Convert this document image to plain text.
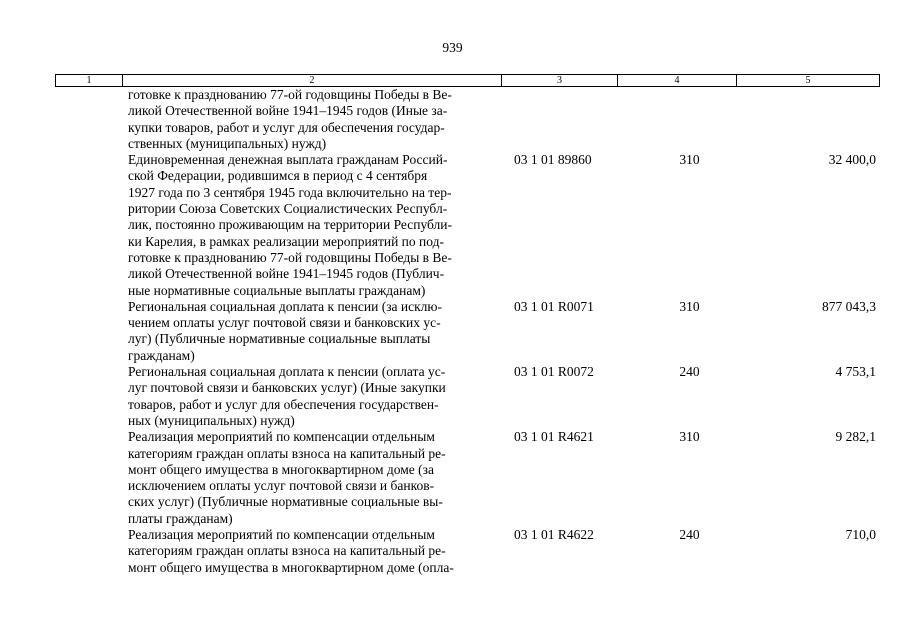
939
1	2	3	4	5
готовке к празднованию 77-ой годовщины Победы в Ве-
ликой Отечественной войне 1941–1945 годов (Иные за-
купки товаров, работ и услуг для обеспечения государ-
ственных (муниципальных) нужд)
Единовременная денежная выплата гражданам Россий-
ской Федерации, родившимся в период с 4 сентября
1927 года по 3 сентября 1945 года включительно на тер-
ритории Союза Советских Социалистических Республ-
лик, постоянно проживающим на территории Республи-
ки Карелия, в рамках реализации мероприятий по под-
готовке к празднованию 77-ой годовщины Победы в Ве-
ликой Отечественной войне 1941–1945 годов (Публич-
ные нормативные социальные выплаты гражданам)
03 1 01 89860	310	32 400,0
Региональная социальная доплата к пенсии (за исклю-
чением оплаты услуг почтовой связи и банковских ус-
луг) (Публичные нормативные социальные выплаты
гражданам)
03 1 01 R0071	310	877 043,3
Региональная социальная доплата к пенсии (оплата ус-
луг почтовой связи и банковских услуг) (Иные закупки
товаров, работ и услуг для обеспечения государствен-
ных (муниципальных) нужд)
03 1 01 R0072	240	4 753,1
Реализация мероприятий по компенсации отдельным
категориям граждан оплаты взноса на капитальный ре-
монт общего имущества в многоквартирном доме (за
исключением оплаты услуг почтовой связи и банков-
ских услуг) (Публичные нормативные социальные вы-
платы гражданам)
03 1 01 R4621	310	9 282,1
Реализация мероприятий по компенсации отдельным
категориям граждан оплаты взноса на капитальный ре-
монт общего имущества в многоквартирном доме (опла-
03 1 01 R4622	240	710,0
